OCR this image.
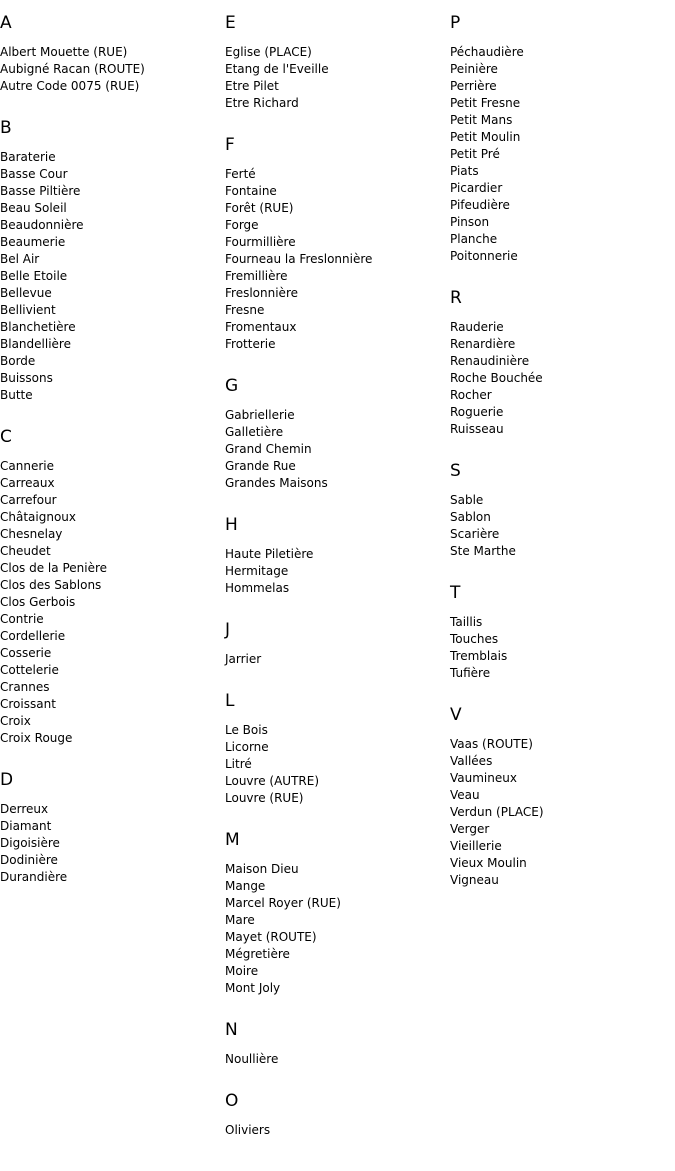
A
Albert Mouette (RUE)
Aubigné Racan (ROUTE)
Autre Code 0075 (RUE)
B
Baraterie
Basse Cour
Basse Piltière
Beau Soleil
Beaudonnière
Beaumerie
Bel Air
Belle Etoile
Bellevue
Bellivient
Blanchetière
Blandellière
Borde
Buissons
Butte
C
Cannerie
Carreaux
Carrefour
Châtaignoux
Chesnelay
Cheudet
Clos de la Penière
Clos des Sablons
Clos Gerbois
Contrie
Cordellerie
Cosserie
Cottelerie
Crannes
Croissant
Croix
Croix Rouge
D
Derreux
Diamant
Digoisière
Dodinière
Durandière
E
Eglise (PLACE)
Etang de l'Eveille
Etre Pilet
Etre Richard
F
Ferté
Fontaine
Forêt (RUE)
Forge
Fourmillière
Fourneau la Freslonnière
Fremillière
Freslonnière
Fresne
Fromentaux
Frotterie
G
Gabriellerie
Galletière
Grand Chemin
Grande Rue
Grandes Maisons
H
Haute Piletière
Hermitage
Hommelas
J
Jarrier
L
Le Bois
Licorne
Litré
Louvre (AUTRE)
Louvre (RUE)
M
Maison Dieu
Mange
Marcel Royer (RUE)
Mare
Mayet (ROUTE)
Mégretière
Moire
Mont Joly
N
Noullière
O
Oliviers
P
Péchaudière
Peinière
Perrière
Petit Fresne
Petit Mans
Petit Moulin
Petit Pré
Piats
Picardier
Pifeudière
Pinson
Planche
Poitonnerie
R
Rauderie
Renardière
Renaudinière
Roche Bouchée
Rocher
Roguerie
Ruisseau
S
Sable
Sablon
Scarière
Ste Marthe
T
Taillis
Touches
Tremblais
Tufière
V
Vaas (ROUTE)
Vallées
Vaumineux
Veau
Verdun (PLACE)
Verger
Vieillerie
Vieux Moulin
Vigneau
